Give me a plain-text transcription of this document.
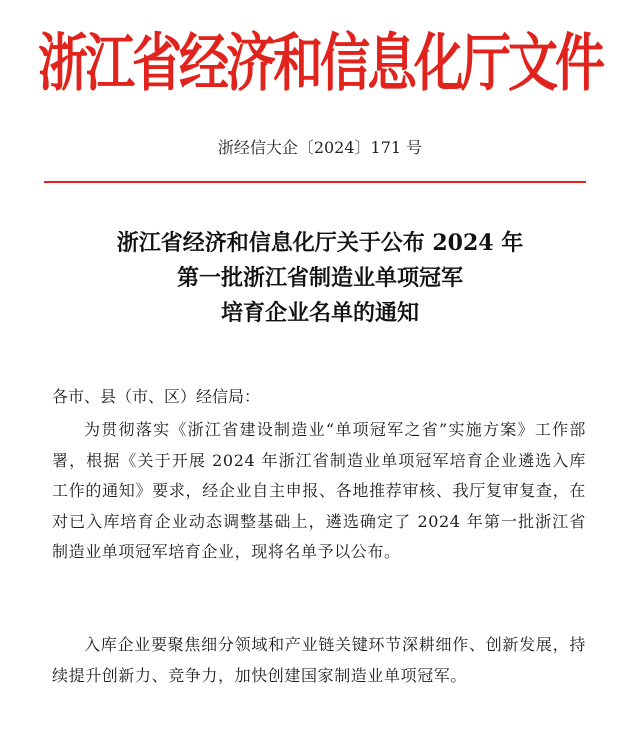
浙江省经济和信息化厅文件
浙经信大企〔2024〕171 号
浙江省经济和信息化厅关于公布 2024 年
第一批浙江省制造业单项冠军
培育企业名单的通知
各市、县（市、区）经信局：
为贯彻落实《浙江省建设制造业“单项冠军之省”实施方案》工作部署，根据《关于开展 2024 年浙江省制造业单项冠军培育企业遴选入库工作的通知》要求，经企业自主申报、各地推荐审核、我厅复审复查，在对已入库培育企业动态调整基础上，遴选确定了 2024 年第一批浙江省制造业单项冠军培育企业，现将名单予以公布。
入库企业要聚焦细分领域和产业链关键环节深耕细作、创新发展，持续提升创新力、竞争力，加快创建国家制造业单项冠军。
